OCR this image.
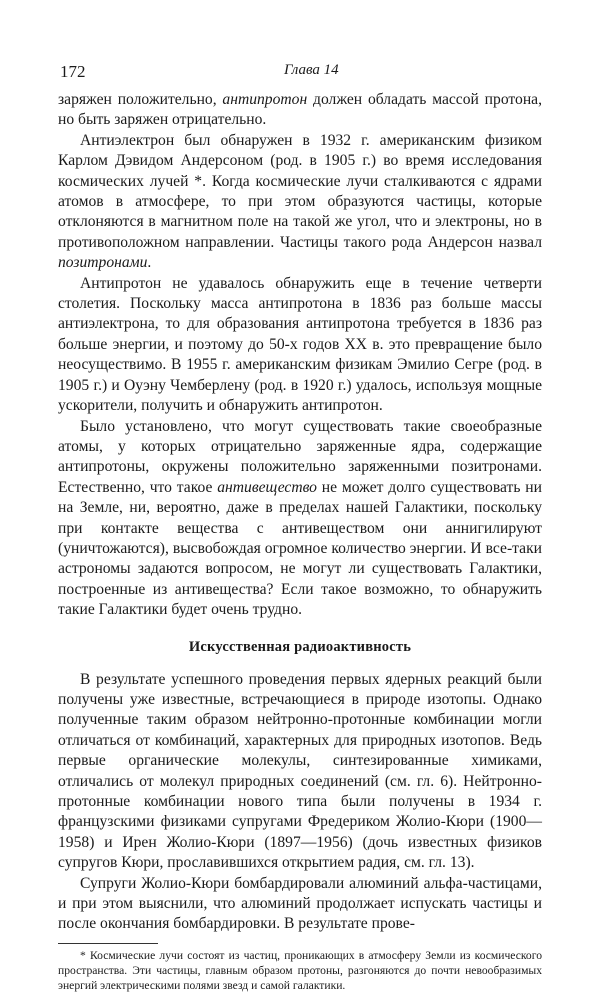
172	Глава 14

заряжен положительно, антипротон должен обладать массой протона, но быть заряжен отрицательно.

Антиэлектрон был обнаружен в 1932 г. американским физиком Карлом Дэвидом Андерсоном (род. в 1905 г.) во время исследования космических лучей *. Когда космические лучи сталкиваются с ядрами атомов в атмосфере, то при этом образуются частицы, которые отклоняются в магнитном поле на такой же угол, что и электроны, но в противоположном направлении. Частицы такого рода Андерсон назвал позитронами.

Антипротон не удавалось обнаружить еще в течение четверти столетия. Поскольку масса антипротона в 1836 раз больше массы антиэлектрона, то для образования антипротона требуется в 1836 раз больше энергии, и поэтому до 50-х годов XX в. это превращение было неосуществимо. В 1955 г. американским физикам Эмилио Сегре (род. в 1905 г.) и Оуэну Чемберлену (род. в 1920 г.) удалось, используя мощные ускорители, получить и обнаружить антипротон.

Было установлено, что могут существовать такие своеобразные атомы, у которых отрицательно заряженные ядра, содержащие антипротоны, окружены положительно заряженными позитронами. Естественно, что такое антивещество не может долго существовать ни на Земле, ни, вероятно, даже в пределах нашей Галактики, поскольку при контакте вещества с антивеществом они аннигилируют (уничтожаются), высвобождая огромное количество энергии. И все-таки астрономы задаются вопросом, не могут ли существовать Галактики, построенные из антивещества? Если такое возможно, то обнаружить такие Галактики будет очень трудно.

Искусственная радиоактивность

В результате успешного проведения первых ядерных реакций были получены уже известные, встречающиеся в природе изотопы. Однако полученные таким образом нейтронно-протонные комбинации могли отличаться от комбинаций, характерных для природных изотопов. Ведь первые органические молекулы, синтезированные химиками, отличались от молекул природных соединений (см. гл. 6). Нейтронно-протонные комбинации нового типа были получены в 1934 г. французскими физиками супругами Фредериком Жолио-Кюри (1900—1958) и Ирен Жолио-Кюри (1897—1956) (дочь известных физиков супругов Кюри, прославившихся открытием радия, см. гл. 13).

Супруги Жолио-Кюри бомбардировали алюминий альфа-частицами, и при этом выяснили, что алюминий продолжает испускать частицы и после окончания бомбардировки. В результате прове-

* Космические лучи состоят из частиц, проникающих в атмосферу Земли из космического пространства. Эти частицы, главным образом протоны, разгоняются до почти невообразимых энергий электрическими полями звезд и самой галактики.
